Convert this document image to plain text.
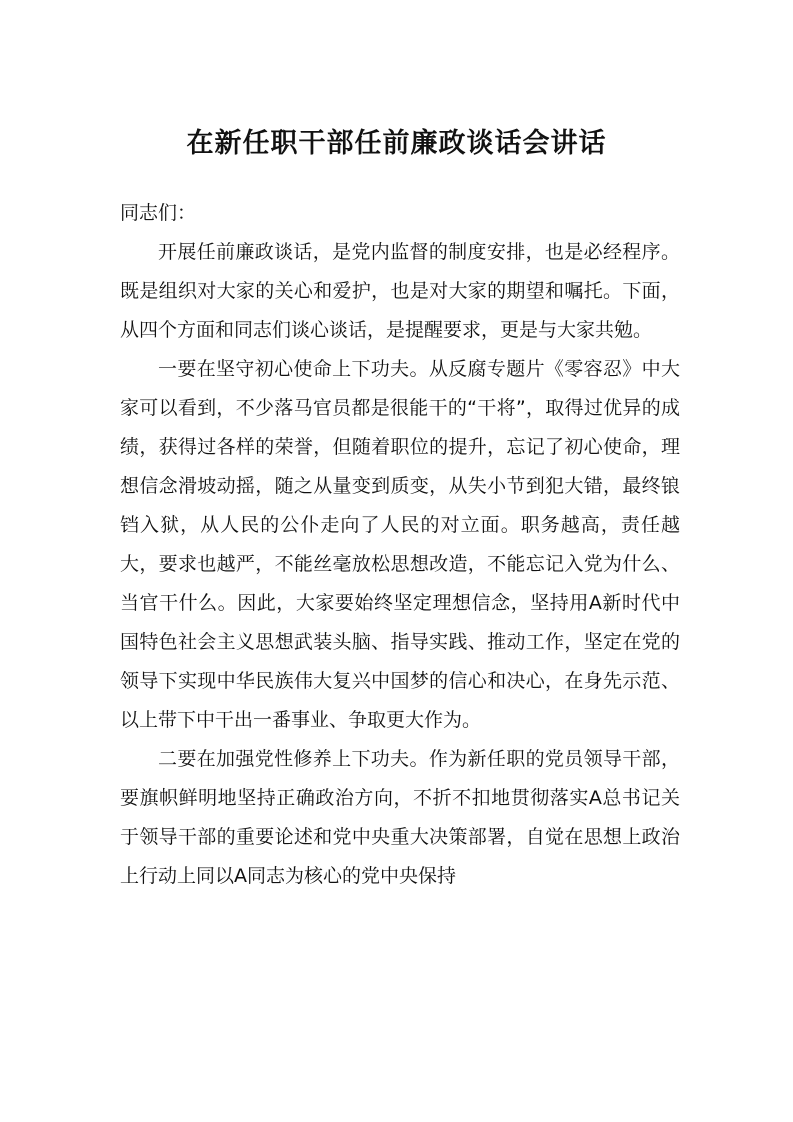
在新任职干部任前廉政谈话会讲话

同志们：

开展任前廉政谈话，是党内监督的制度安排，也是必经程序。既是组织对大家的关心和爱护，也是对大家的期望和嘱托。下面，从四个方面和同志们谈心谈话，是提醒要求，更是与大家共勉。

一要在坚守初心使命上下功夫。从反腐专题片《零容忍》中大家可以看到，不少落马官员都是很能干的“干将”，取得过优异的成绩，获得过各样的荣誉，但随着职位的提升，忘记了初心使命，理想信念滑坡动摇，随之从量变到质变，从失小节到犯大错，最终锒铛入狱，从人民的公仆走向了人民的对立面。职务越高，责任越大，要求也越严，不能丝毫放松思想改造，不能忘记入党为什么、当官干什么。因此，大家要始终坚定理想信念，坚持用A新时代中国特色社会主义思想武装头脑、指导实践、推动工作，坚定在党的领导下实现中华民族伟大复兴中国梦的信心和决心，在身先示范、以上带下中干出一番事业、争取更大作为。

二要在加强党性修养上下功夫。作为新任职的党员领导干部，要旗帜鲜明地坚持正确政治方向，不折不扣地贯彻落实A总书记关于领导干部的重要论述和党中央重大决策部署，自觉在思想上政治上行动上同以A同志为核心的党中央保持
